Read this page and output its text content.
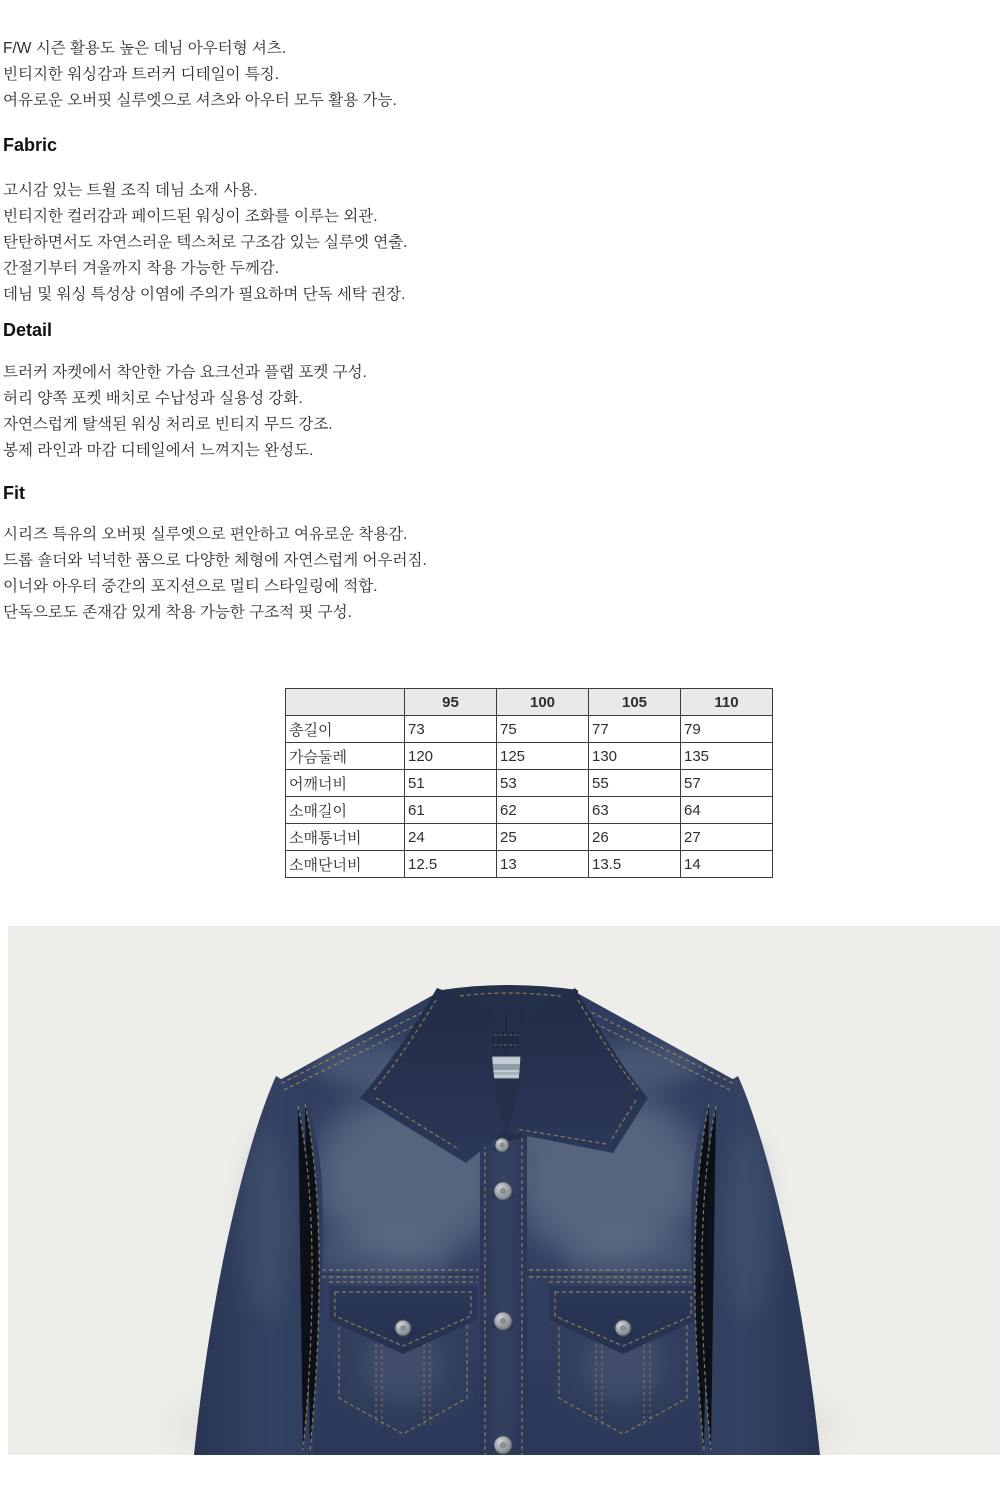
F/W 시즌 활용도 높은 데님 아우터형 셔츠.
빈티지한 워싱감과 트러커 디테일이 특징.
여유로운 오버핏 실루엣으로 셔츠와 아우터 모두 활용 가능.

Fabric

고시감 있는 트윌 조직 데님 소재 사용.
빈티지한 컬러감과 페이드된 워싱이 조화를 이루는 외관.
탄탄하면서도 자연스러운 텍스처로 구조감 있는 실루엣 연출.
간절기부터 겨울까지 착용 가능한 두께감.
데님 및 워싱 특성상 이염에 주의가 필요하며 단독 세탁 권장.

Detail

트러커 자켓에서 착안한 가슴 요크선과 플랩 포켓 구성.
허리 양쪽 포켓 배치로 수납성과 실용성 강화.
자연스럽게 탈색된 워싱 처리로 빈티지 무드 강조.
봉제 라인과 마감 디테일에서 느껴지는 완성도.

Fit

시리즈 특유의 오버핏 실루엣으로 편안하고 여유로운 착용감.
드롭 숄더와 넉넉한 품으로 다양한 체형에 자연스럽게 어우러짐.
이너와 아우터 중간의 포지션으로 멀티 스타일링에 적합.
단독으로도 존재감 있게 착용 가능한 구조적 핏 구성.

	95	100	105	110
총길이	73	75	77	79
가슴둘레	120	125	130	135
어깨너비	51	53	55	57
소매길이	61	62	63	64
소매통너비	24	25	26	27
소매단너비	12.5	13	13.5	14
